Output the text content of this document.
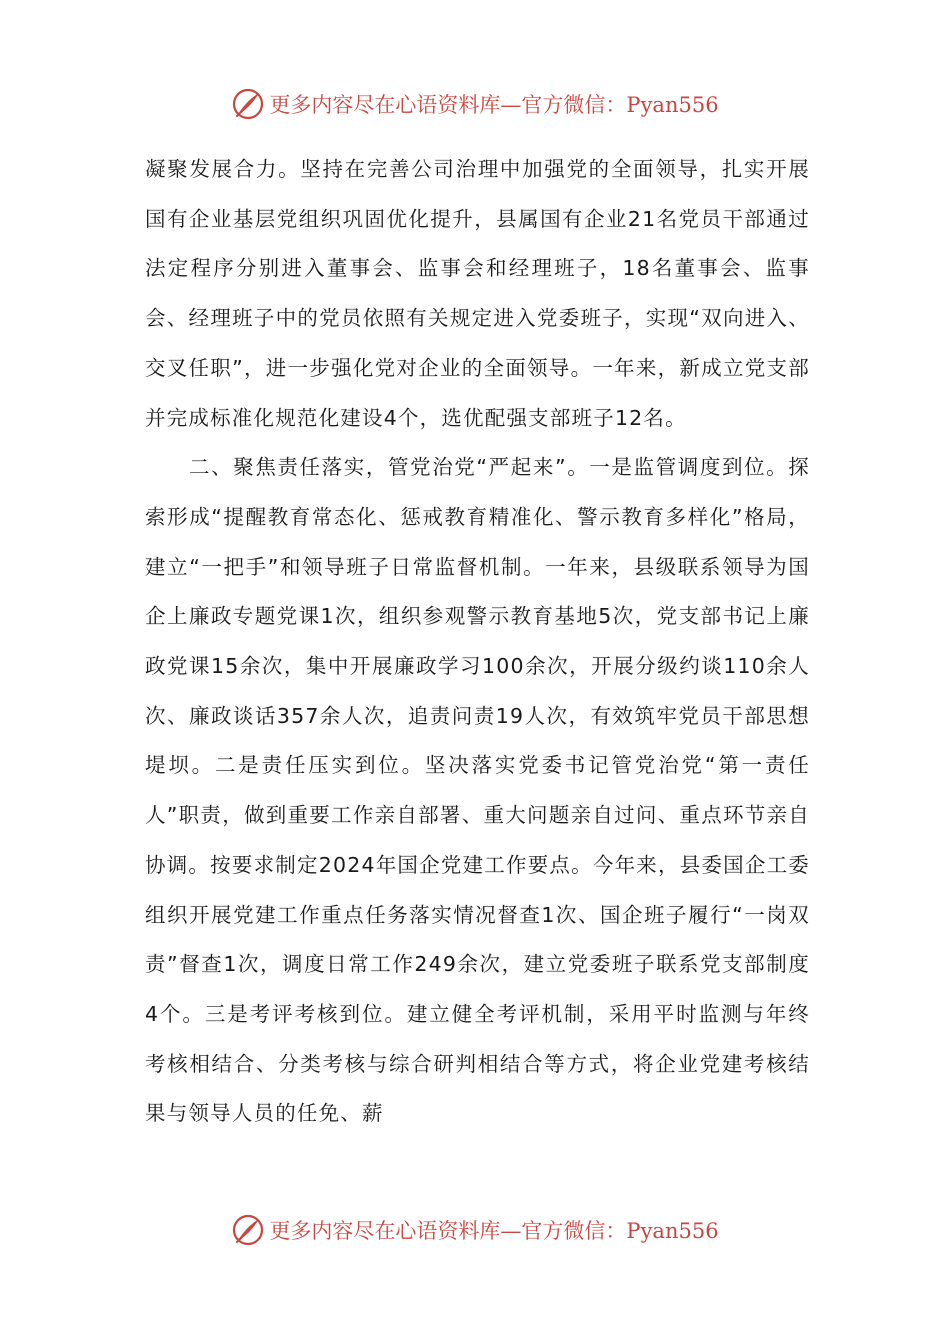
更多内容尽在心语资料库—官方微信：Pyan556

凝聚发展合力。坚持在完善公司治理中加强党的全面领导，扎实开展国有企业基层党组织巩固优化提升，县属国有企业21名党员干部通过法定程序分别进入董事会、监事会和经理班子，18名董事会、监事会、经理班子中的党员依照有关规定进入党委班子，实现“双向进入、交叉任职”，进一步强化党对企业的全面领导。一年来，新成立党支部并完成标准化规范化建设4个，选优配强支部班子12名。

二、聚焦责任落实，管党治党“严起来”。一是监管调度到位。探索形成“提醒教育常态化、惩戒教育精准化、警示教育多样化”格局，建立“一把手”和领导班子日常监督机制。一年来，县级联系领导为国企上廉政专题党课1次，组织参观警示教育基地5次，党支部书记上廉政党课15余次，集中开展廉政学习100余次，开展分级约谈110余人次、廉政谈话357余人次，追责问责19人次，有效筑牢党员干部思想堤坝。二是责任压实到位。坚决落实党委书记管党治党“第一责任人”职责，做到重要工作亲自部署、重大问题亲自过问、重点环节亲自协调。按要求制定2024年国企党建工作要点。今年来，县委国企工委组织开展党建工作重点任务落实情况督查1次、国企班子履行“一岗双责”督查1次，调度日常工作249余次，建立党委班子联系党支部制度4个。三是考评考核到位。建立健全考评机制，采用平时监测与年终考核相结合、分类考核与综合研判相结合等方式，将企业党建考核结果与领导人员的任免、薪

更多内容尽在心语资料库—官方微信：Pyan556
